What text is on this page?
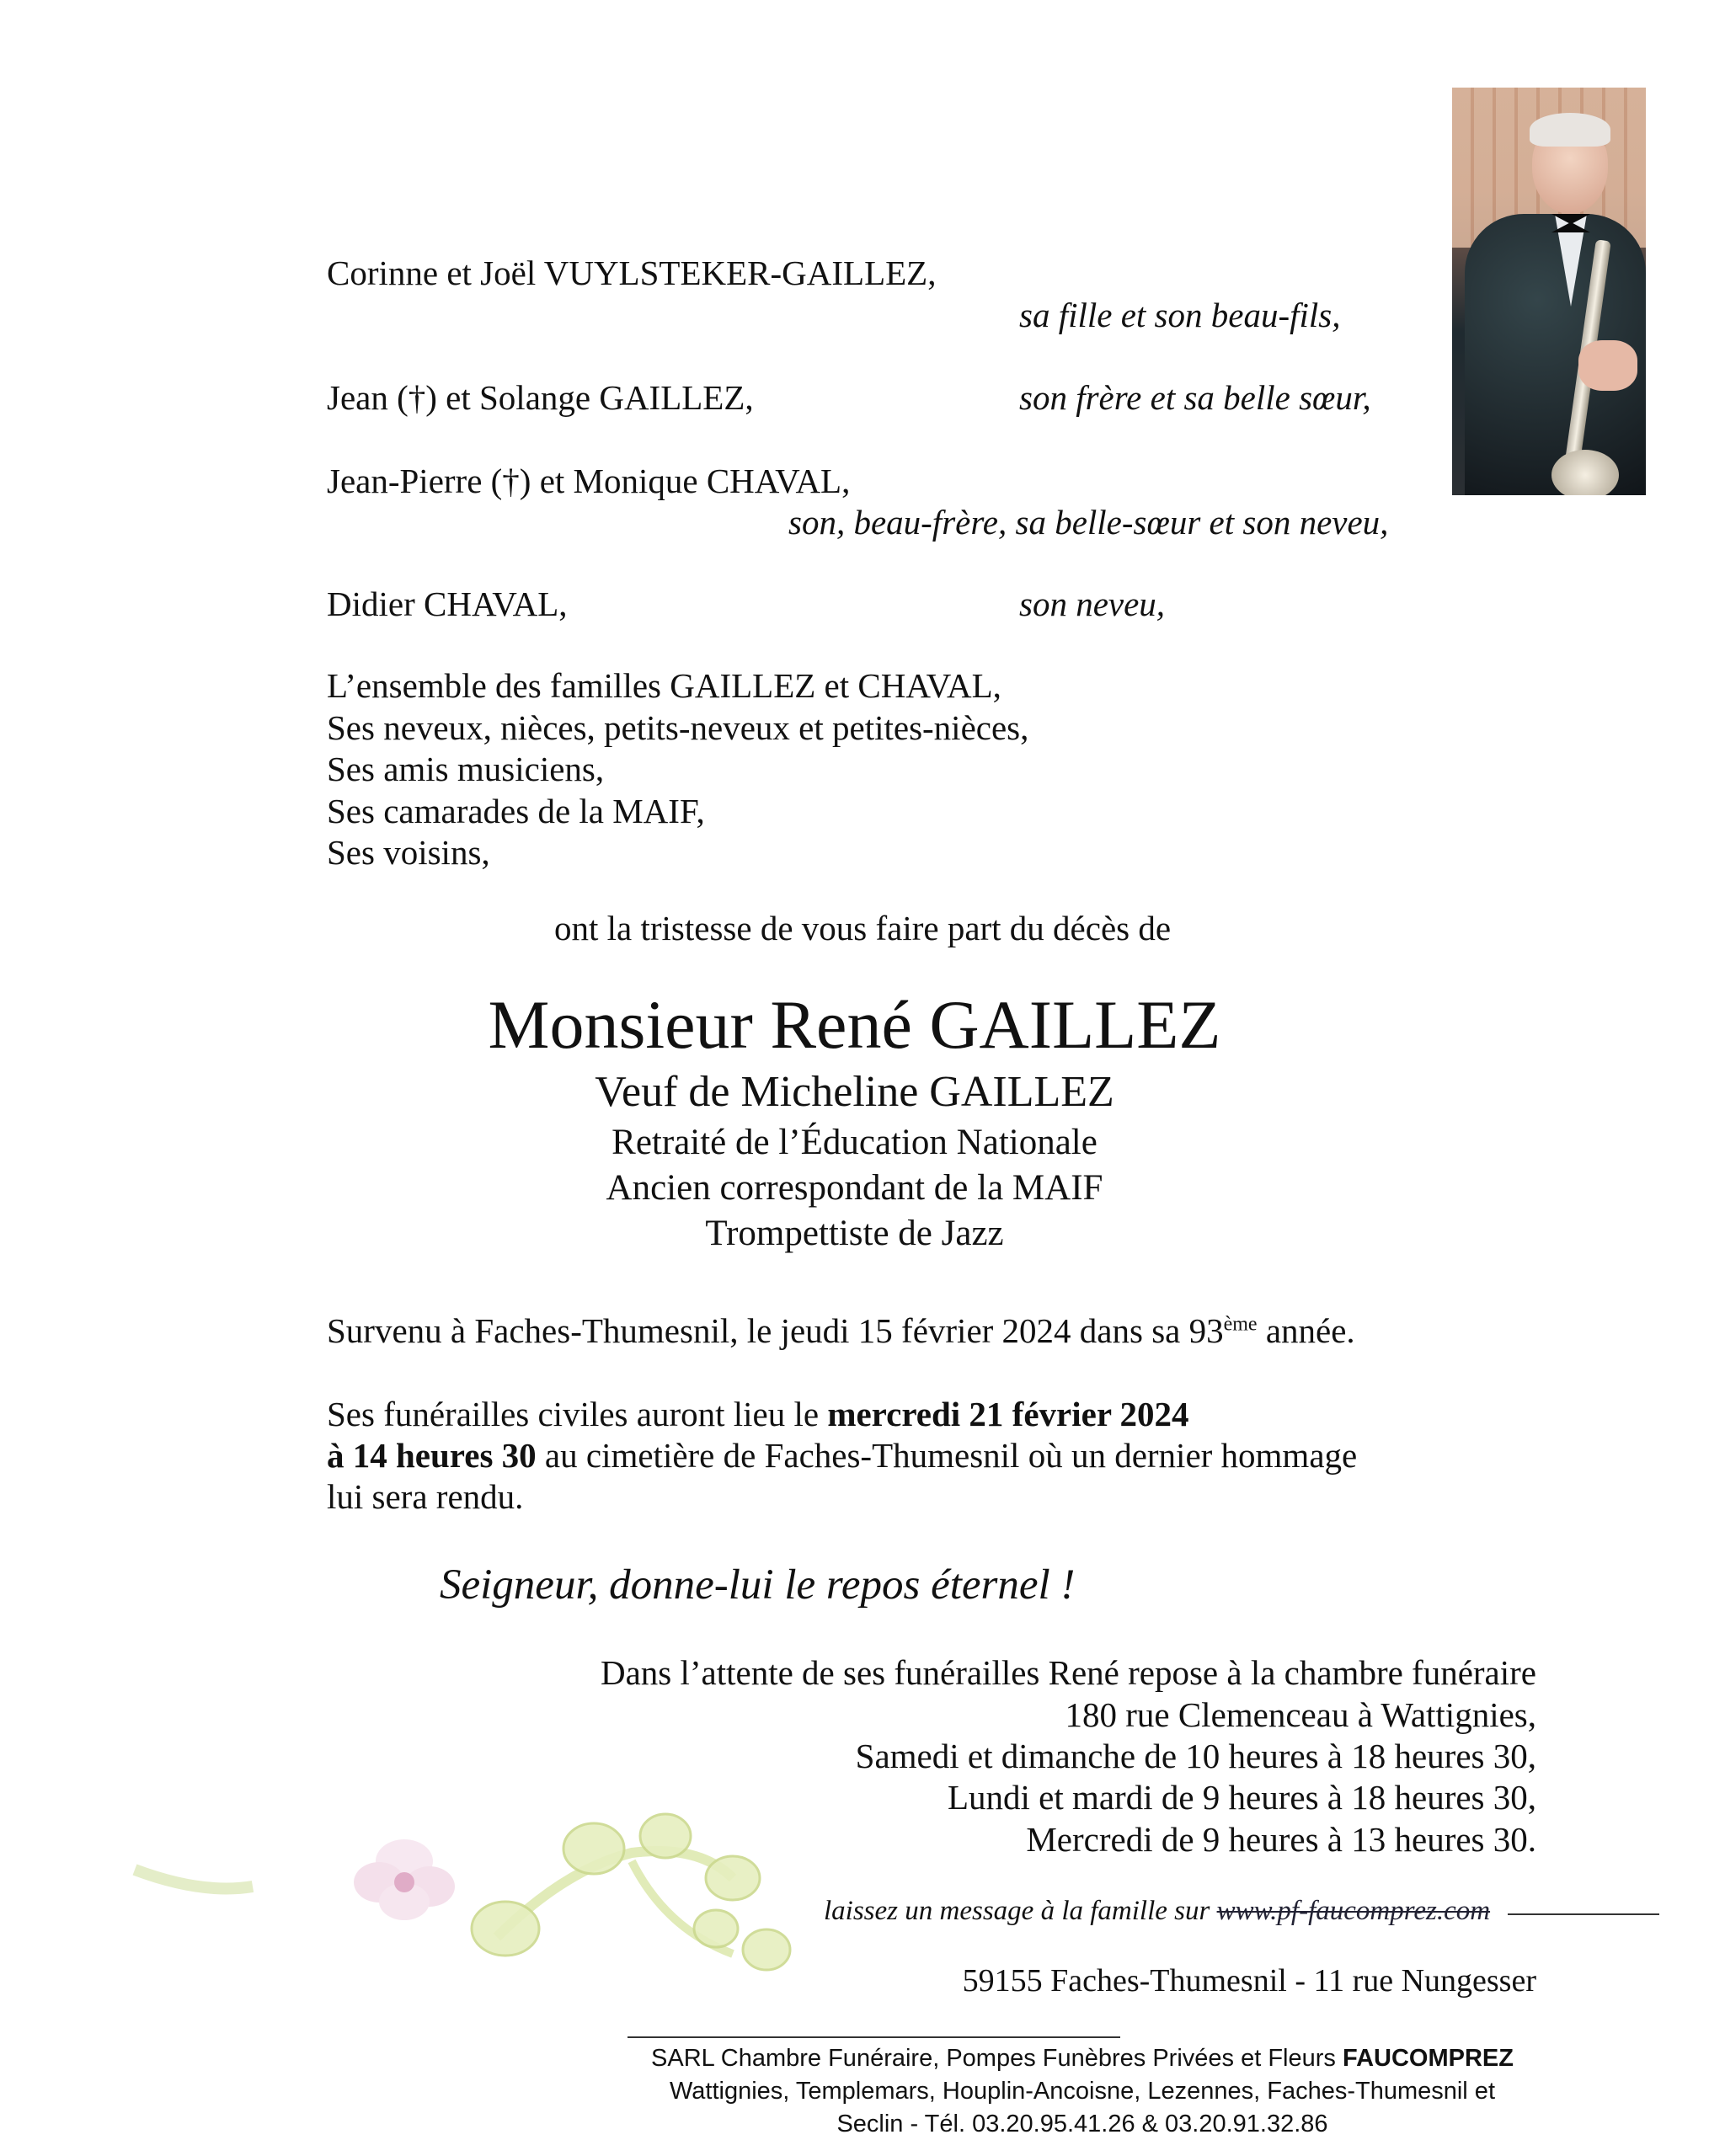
Corinne et Joël VUYLSTEKER-GAILLEZ,
sa fille et son beau-fils,
Jean (†) et Solange GAILLEZ,	son frère et sa belle sœur,
Jean-Pierre (†) et Monique CHAVAL,
son, beau-frère, sa belle-sœur et son neveu,
Didier CHAVAL,	son neveu,
L’ensemble des familles GAILLEZ et CHAVAL,
Ses neveux, nièces, petits-neveux et petites-nièces,
Ses amis musiciens,
Ses camarades de la MAIF,
Ses voisins,
ont la tristesse de vous faire part du décès de
Monsieur René GAILLEZ
Veuf de Micheline GAILLEZ
Retraité de l’Éducation Nationale
Ancien correspondant de la MAIF
Trompettiste de Jazz
Survenu à Faches-Thumesnil, le jeudi 15 février 2024 dans sa 93ème année.
Ses funérailles civiles auront lieu le mercredi 21 février 2024
à 14 heures 30 au cimetière de Faches-Thumesnil où un dernier hommage
lui sera rendu.
Seigneur, donne-lui le repos éternel !
Dans l’attente de ses funérailles René repose à la chambre funéraire
180 rue Clemenceau à Wattignies,
Samedi et dimanche de 10 heures à 18 heures 30,
Lundi et mardi de 9 heures à 18 heures 30,
Mercredi de 9 heures à 13 heures 30.
laissez un message à la famille sur www.pf-faucomprez.com
59155 Faches-Thumesnil - 11 rue Nungesser
SARL Chambre Funéraire, Pompes Funèbres Privées et Fleurs FAUCOMPREZ
Wattignies, Templemars, Houplin-Ancoisne, Lezennes, Faches-Thumesnil et
Seclin - Tél. 03.20.95.41.26 & 03.20.91.32.86
